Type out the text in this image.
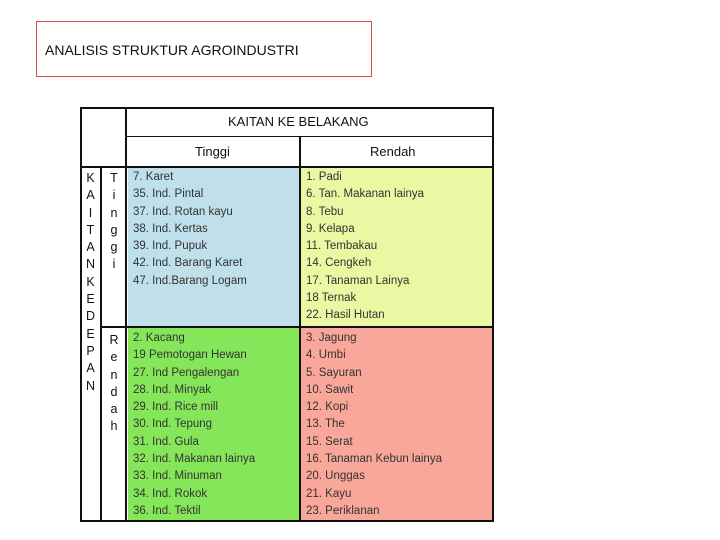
ANALISIS STRUKTUR AGROINDUSTRI
KAITAN KE BELAKANG
Tinggi	Rendah
K
A
I
T
A
N
K
E
D
E
P
A
N
T
i
n
g
g
i
R
e
n
d
a
h
7. Karet
35. Ind. Pintal
37. Ind. Rotan kayu
38. Ind. Kertas
39. Ind. Pupuk
42. Ind. Barang Karet
47. Ind.Barang Logam
1. Padi
6. Tan. Makanan lainya
8. Tebu
9. Kelapa
11. Tembakau
14. Cengkeh
17. Tanaman Lainya
18 Ternak
22. Hasil Hutan
2. Kacang
19 Pemotogan Hewan
27. Ind Pengalengan
28. Ind. Minyak
29. Ind. Rice mill
30. Ind. Tepung
31. Ind. Gula
32. Ind. Makanan lainya
33. Ind. Minuman
34. Ind. Rokok
36. Ind. Tektil
3. Jagung
4. Umbi
5. Sayuran
10. Sawit
12. Kopi
13. The
15. Serat
16. Tanaman Kebun lainya
20. Unggas
21. Kayu
23. Periklanan
